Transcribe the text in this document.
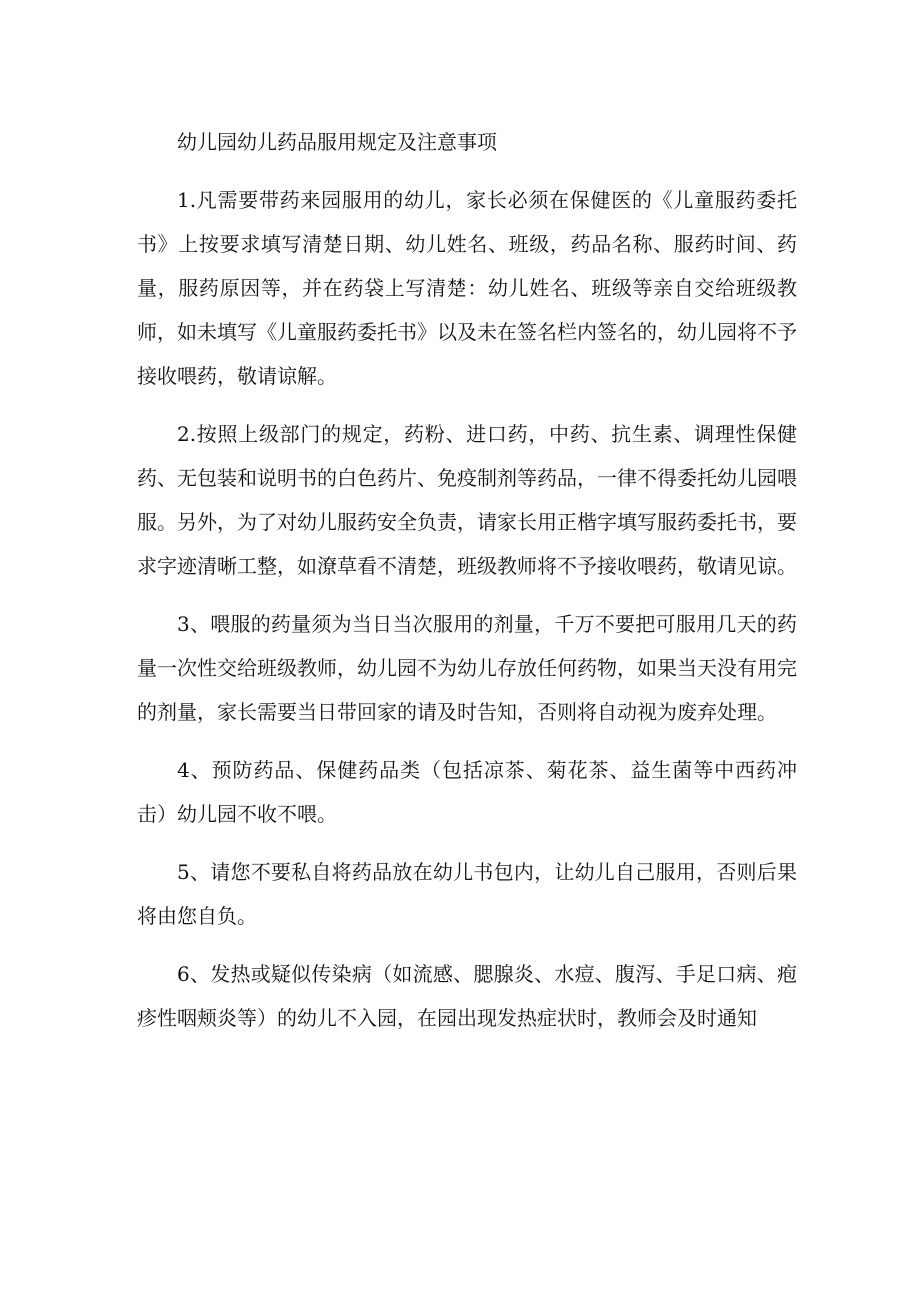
幼儿园幼儿药品服用规定及注意事项

1.凡需要带药来园服用的幼儿，家长必须在保健医的《儿童服药委托书》上按要求填写清楚日期、幼儿姓名、班级，药品名称、服药时间、药量，服药原因等，并在药袋上写清楚：幼儿姓名、班级等亲自交给班级教师，如未填写《儿童服药委托书》以及未在签名栏内签名的，幼儿园将不予接收喂药，敬请谅解。

2.按照上级部门的规定，药粉、进口药，中药、抗生素、调理性保健药、无包装和说明书的白色药片、免疫制剂等药品，一律不得委托幼儿园喂服。另外，为了对幼儿服药安全负责，请家长用正楷字填写服药委托书，要求字迹清晰工整，如潦草看不清楚，班级教师将不予接收喂药，敬请见谅。

3、喂服的药量须为当日当次服用的剂量，千万不要把可服用几天的药量一次性交给班级教师，幼儿园不为幼儿存放任何药物，如果当天没有用完的剂量，家长需要当日带回家的请及时告知，否则将自动视为废弃处理。

4、预防药品、保健药品类（包括凉茶、菊花茶、益生菌等中西药冲击）幼儿园不收不喂。

5、请您不要私自将药品放在幼儿书包内，让幼儿自己服用，否则后果将由您自负。

6、发热或疑似传染病（如流感、腮腺炎、水痘、腹泻、手足口病、疱疹性咽颊炎等）的幼儿不入园，在园出现发热症状时，教师会及时通知
